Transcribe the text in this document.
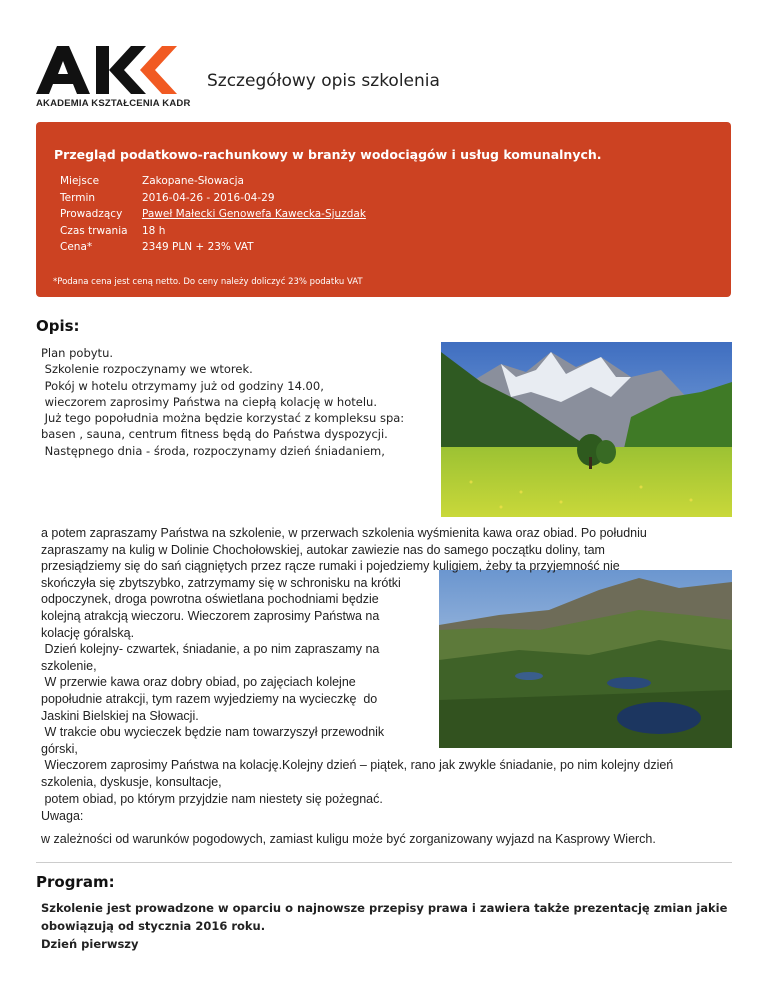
AKADEMIA KSZTAŁCENIA KADR
Szczegółowy opis szkolenia
Przegląd podatkowo-rachunkowy w branży wodociągów i usług komunalnych.
Miejsce	Zakopane-Słowacja
Termin	2016-04-26 - 2016-04-29
Prowadzący	Paweł Małecki Genowefa Kawecka-Sjuzdak
Czas trwania	18 h
Cena*	2349 PLN + 23% VAT
*Podana cena jest ceną netto. Do ceny należy doliczyć 23% podatku VAT
Opis:
Plan pobytu.
Szkolenie rozpoczynamy we wtorek.
Pokój w hotelu otrzymamy już od godziny 14.00,
wieczorem zaprosimy Państwa na ciepłą kolację w hotelu.
Już tego popołudnia można będzie korzystać z kompleksu spa:
basen , sauna, centrum fitness będą do Państwa dyspozycji.
Następnego dnia - środa, rozpoczynamy dzień śniadaniem,
a potem zapraszamy Państwa na szkolenie, w przerwach szkolenia wyśmienita kawa oraz obiad. Po południu
zapraszamy na kulig w Dolinie Chochołowskiej, autokar zawiezie nas do samego początku doliny, tam
przesiądziemy się do sań ciągniętych przez rącze rumaki i pojedziemy kuligiem, żeby ta przyjemność nie
skończyła się zbytszybko, zatrzymamy się w schronisku na krótki
odpoczynek, droga powrotna oświetlana pochodniami będzie
kolejną atrakcją wieczoru. Wieczorem zaprosimy Państwa na
kolację góralską.
Dzień kolejny- czwartek, śniadanie, a po nim zapraszamy na
szkolenie,
W przerwie kawa oraz dobry obiad, po zajęciach kolejne
popołudnie atrakcji, tym razem wyjedziemy na wycieczkę  do
Jaskini Bielskiej na Słowacji.
W trakcie obu wycieczek będzie nam towarzyszył przewodnik
górski,
Wieczorem zaprosimy Państwa na kolację.Kolejny dzień – piątek, rano jak zwykle śniadanie, po nim kolejny dzień
szkolenia, dyskusje, konsultacje,
potem obiad, po którym przyjdzie nam niestety się pożegnać.
Uwaga:
w zależności od warunków pogodowych, zamiast kuligu może być zorganizowany wyjazd na Kasprowy Wierch.
Program:
Szkolenie jest prowadzone w oparciu o najnowsze przepisy prawa i zawiera także prezentację zmian jakie obowiązują od stycznia 2016 roku.
Dzień pierwszy
